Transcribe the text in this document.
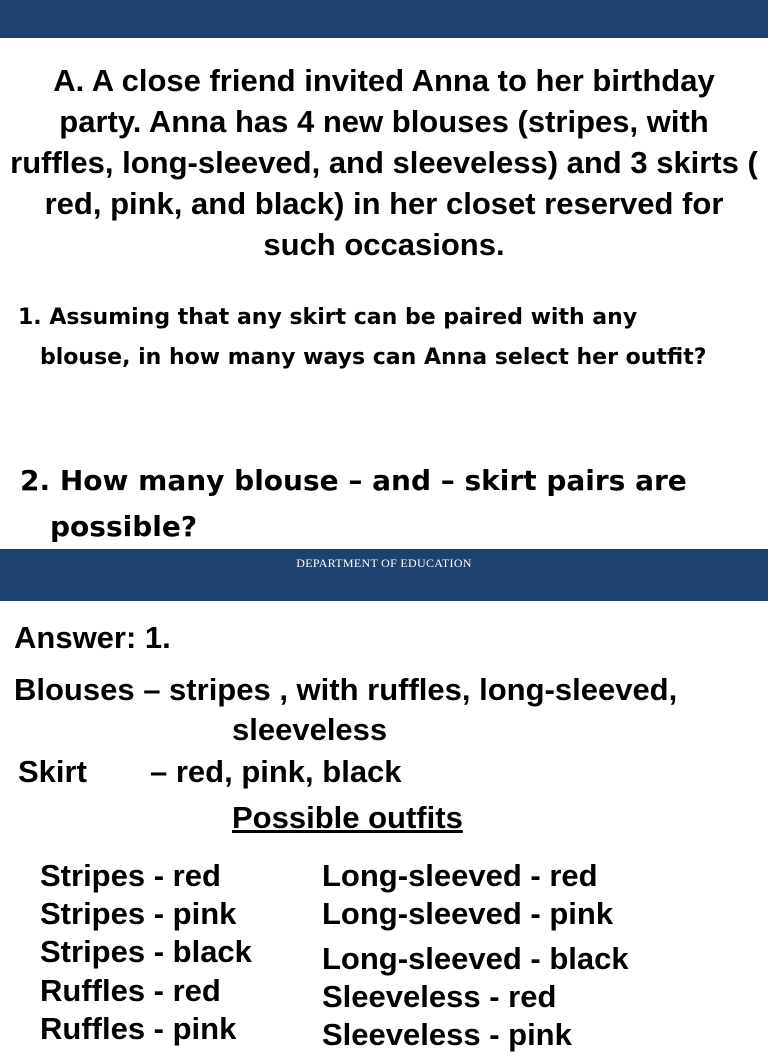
A. A close friend invited Anna to her birthday party. Anna has 4 new blouses (stripes, with ruffles, long-sleeved, and sleeveless) and 3 skirts ( red, pink, and black) in her closet reserved for such occasions.
1. Assuming that any skirt can be paired with any
blouse, in how many ways can Anna select her outfit?
2. How many blouse – and – skirt pairs are
possible?
DEPARTMENT OF EDUCATION
Answer: 1.
Blouses – stripes , with ruffles, long-sleeved,
sleeveless
Skirt – red, pink, black
Possible outfits
Stripes - red
Stripes - pink
Stripes - black
Ruffles - red
Ruffles - pink
Long-sleeved - red
Long-sleeved - pink
Long-sleeved - black
Sleeveless - red
Sleeveless - pink
